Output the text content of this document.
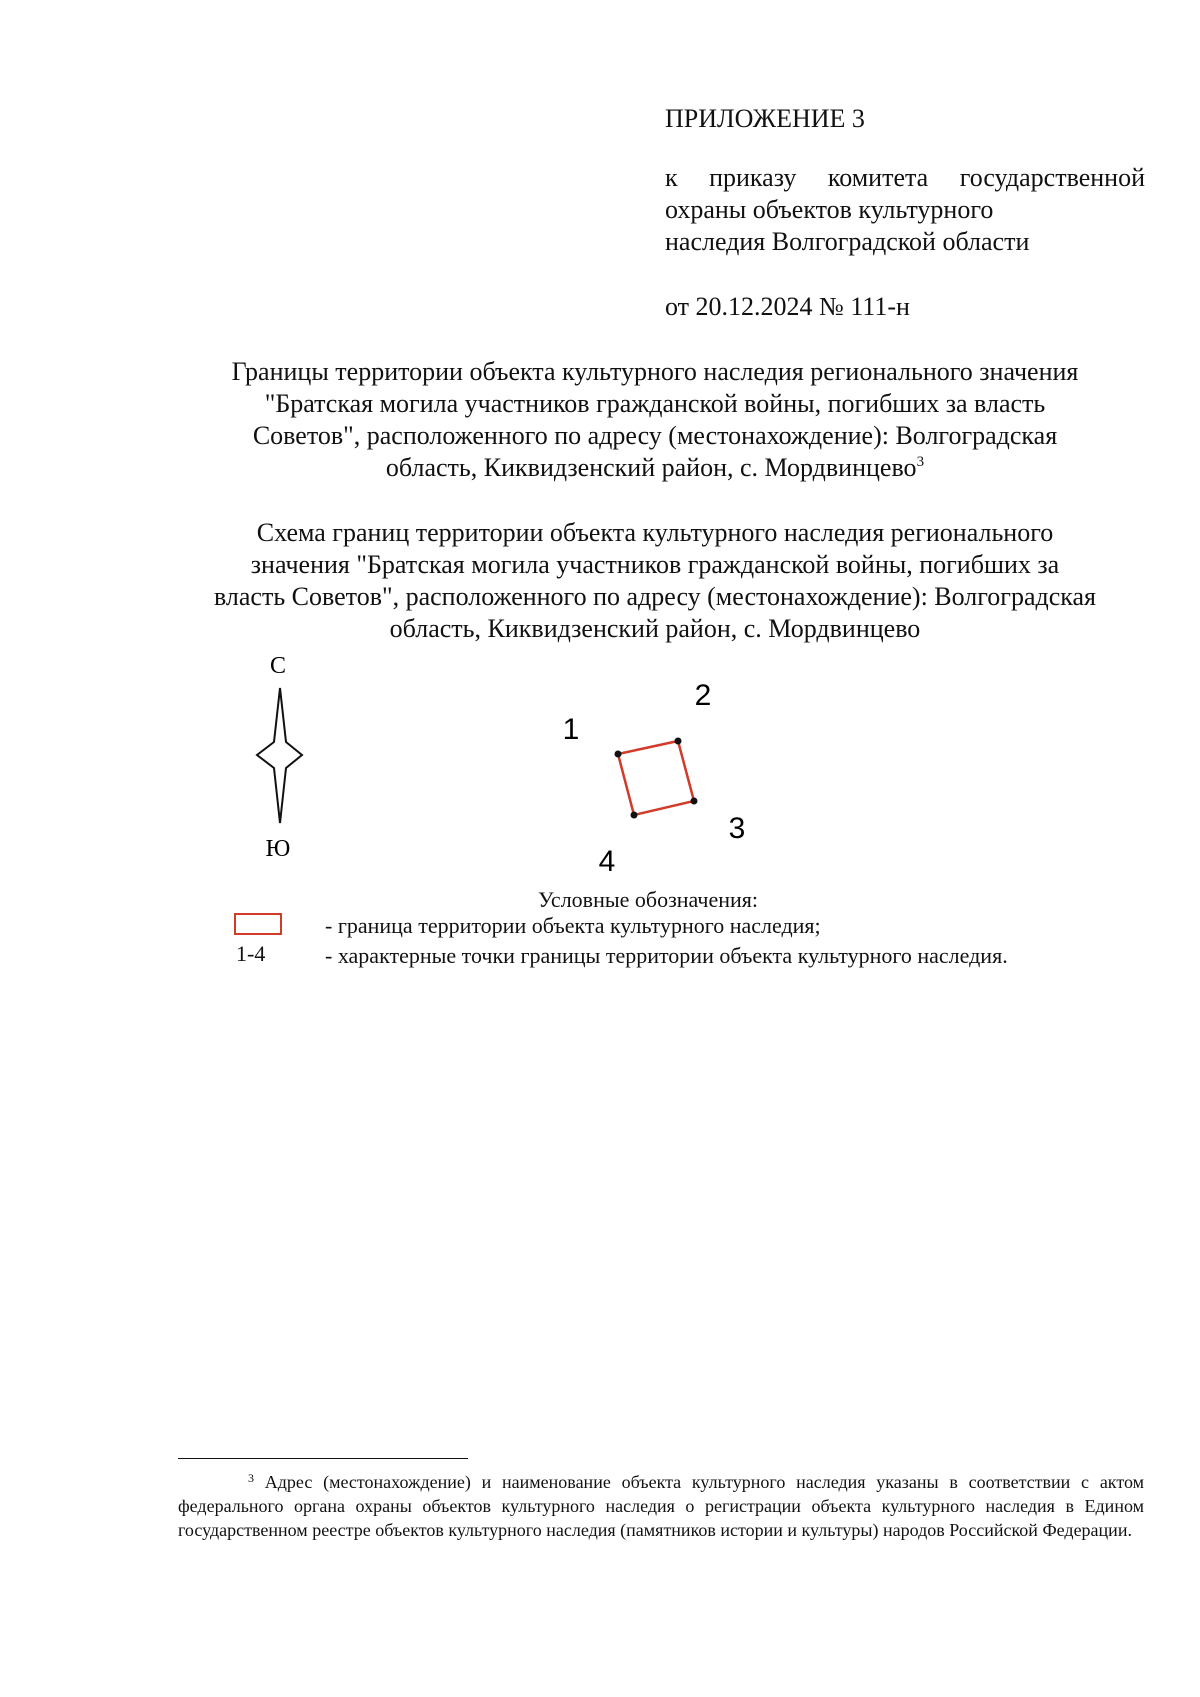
ПРИЛОЖЕНИЕ 3
к приказу комитета государственной
охраны объектов культурного
наследия Волгоградской области
от 20.12.2024 № 111-н
Границы территории объекта культурного наследия регионального значения
"Братская могила участников гражданской войны, погибших за власть
Советов", расположенного по адресу (местонахождение): Волгоградская
область, Киквидзенский район, с. Мордвинцево$^3$
Схема границ территории объекта культурного наследия регионального
значения "Братская могила участников гражданской войны, погибших за
власть Советов", расположенного по адресу (местонахождение): Волгоградская
область, Киквидзенский район, с. Мордвинцево
С
Ю
1
2
3
4
Условные обозначения:
1-4
- граница территории объекта культурного наследия;
- характерные точки границы территории объекта культурного наследия.
$^3$ Адрес (местонахождение) и наименование объекта культурного наследия указаны в соответствии с актом федерального органа охраны объектов культурного наследия о регистрации объекта культурного наследия в Едином государственном реестре объектов культурного наследия (памятников истории и культуры) народов Российской Федерации.
